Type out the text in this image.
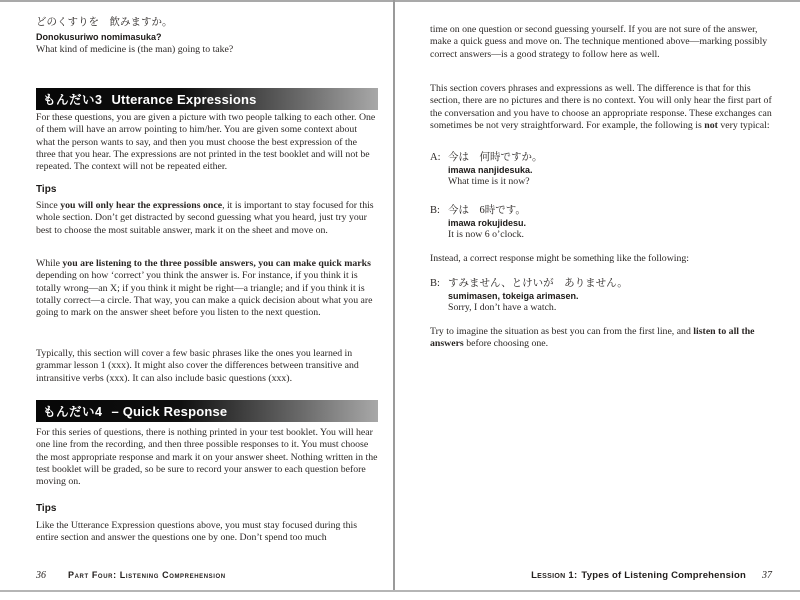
どのくすりを　飲みますか。
Donokusuriwo nomimasuka?
What kind of medicine is (the man) going to take?
もんだい3 Utterance Expressions
For these questions, you are given a picture with two people talking to each other. One of them will have an arrow pointing to him/her. You are given some context about what the person wants to say, and then you must choose the best expression of the three that you hear. The expressions are not printed in the test booklet and will not be repeated. The context will not be repeated either.
Tips
Since you will only hear the expressions once, it is important to stay focused for this whole section. Don’t get distracted by second guessing what you heard, just try your best to choose the most suitable answer, mark it on the sheet and move on.
While you are listening to the three possible answers, you can make quick marks depending on how ‘correct’ you think the answer is. For instance, if you think it is totally wrong—an X; if you think it might be right—a triangle; and if you think it is totally correct—a circle. That way, you can make a quick decision about what you are going to mark on the answer sheet before you listen to the next question.
Typically, this section will cover a few basic phrases like the ones you learned in grammar lesson 1 (xxx). It might also cover the differences between transitive and intransitive verbs (xxx). It can also include basic questions (xxx).
もんだい4 – Quick Response
For this series of questions, there is nothing printed in your test booklet. You will hear one line from the recording, and then three possible responses to it. You must choose the most appropriate response and mark it on your answer sheet. Nothing written in the test booklet will be graded, so be sure to record your answer to each question before moving on.
Tips
Like the Utterance Expression questions above, you must stay focused during this entire section and answer the questions one by one. Don’t spend too much
36 Part Four: Listening Comprehension
time on one question or second guessing yourself. If you are not sure of the answer, make a quick guess and move on. The technique mentioned above—marking possibly correct answers—is a good strategy to follow here as well.
This section covers phrases and expressions as well. The difference is that for this section, there are no pictures and there is no context. You will only hear the first part of the conversation and you have to choose an appropriate response. These exchanges can sometimes be not very straightforward. For example, the following is not very typical:
A: 今は　何時ですか。
imawa nanjidesuka.
What time is it now?
B: 今は　6時です。
imawa rokujidesu.
It is now 6 o’clock.
Instead, a correct response might be something like the following:
B: すみません、とけいが　ありません。
sumimasen, tokeiga arimasen.
Sorry, I don’t have a watch.
Try to imagine the situation as best you can from the first line, and listen to all the answers before choosing one.
Lession 1: Types of Listening Comprehension 37
